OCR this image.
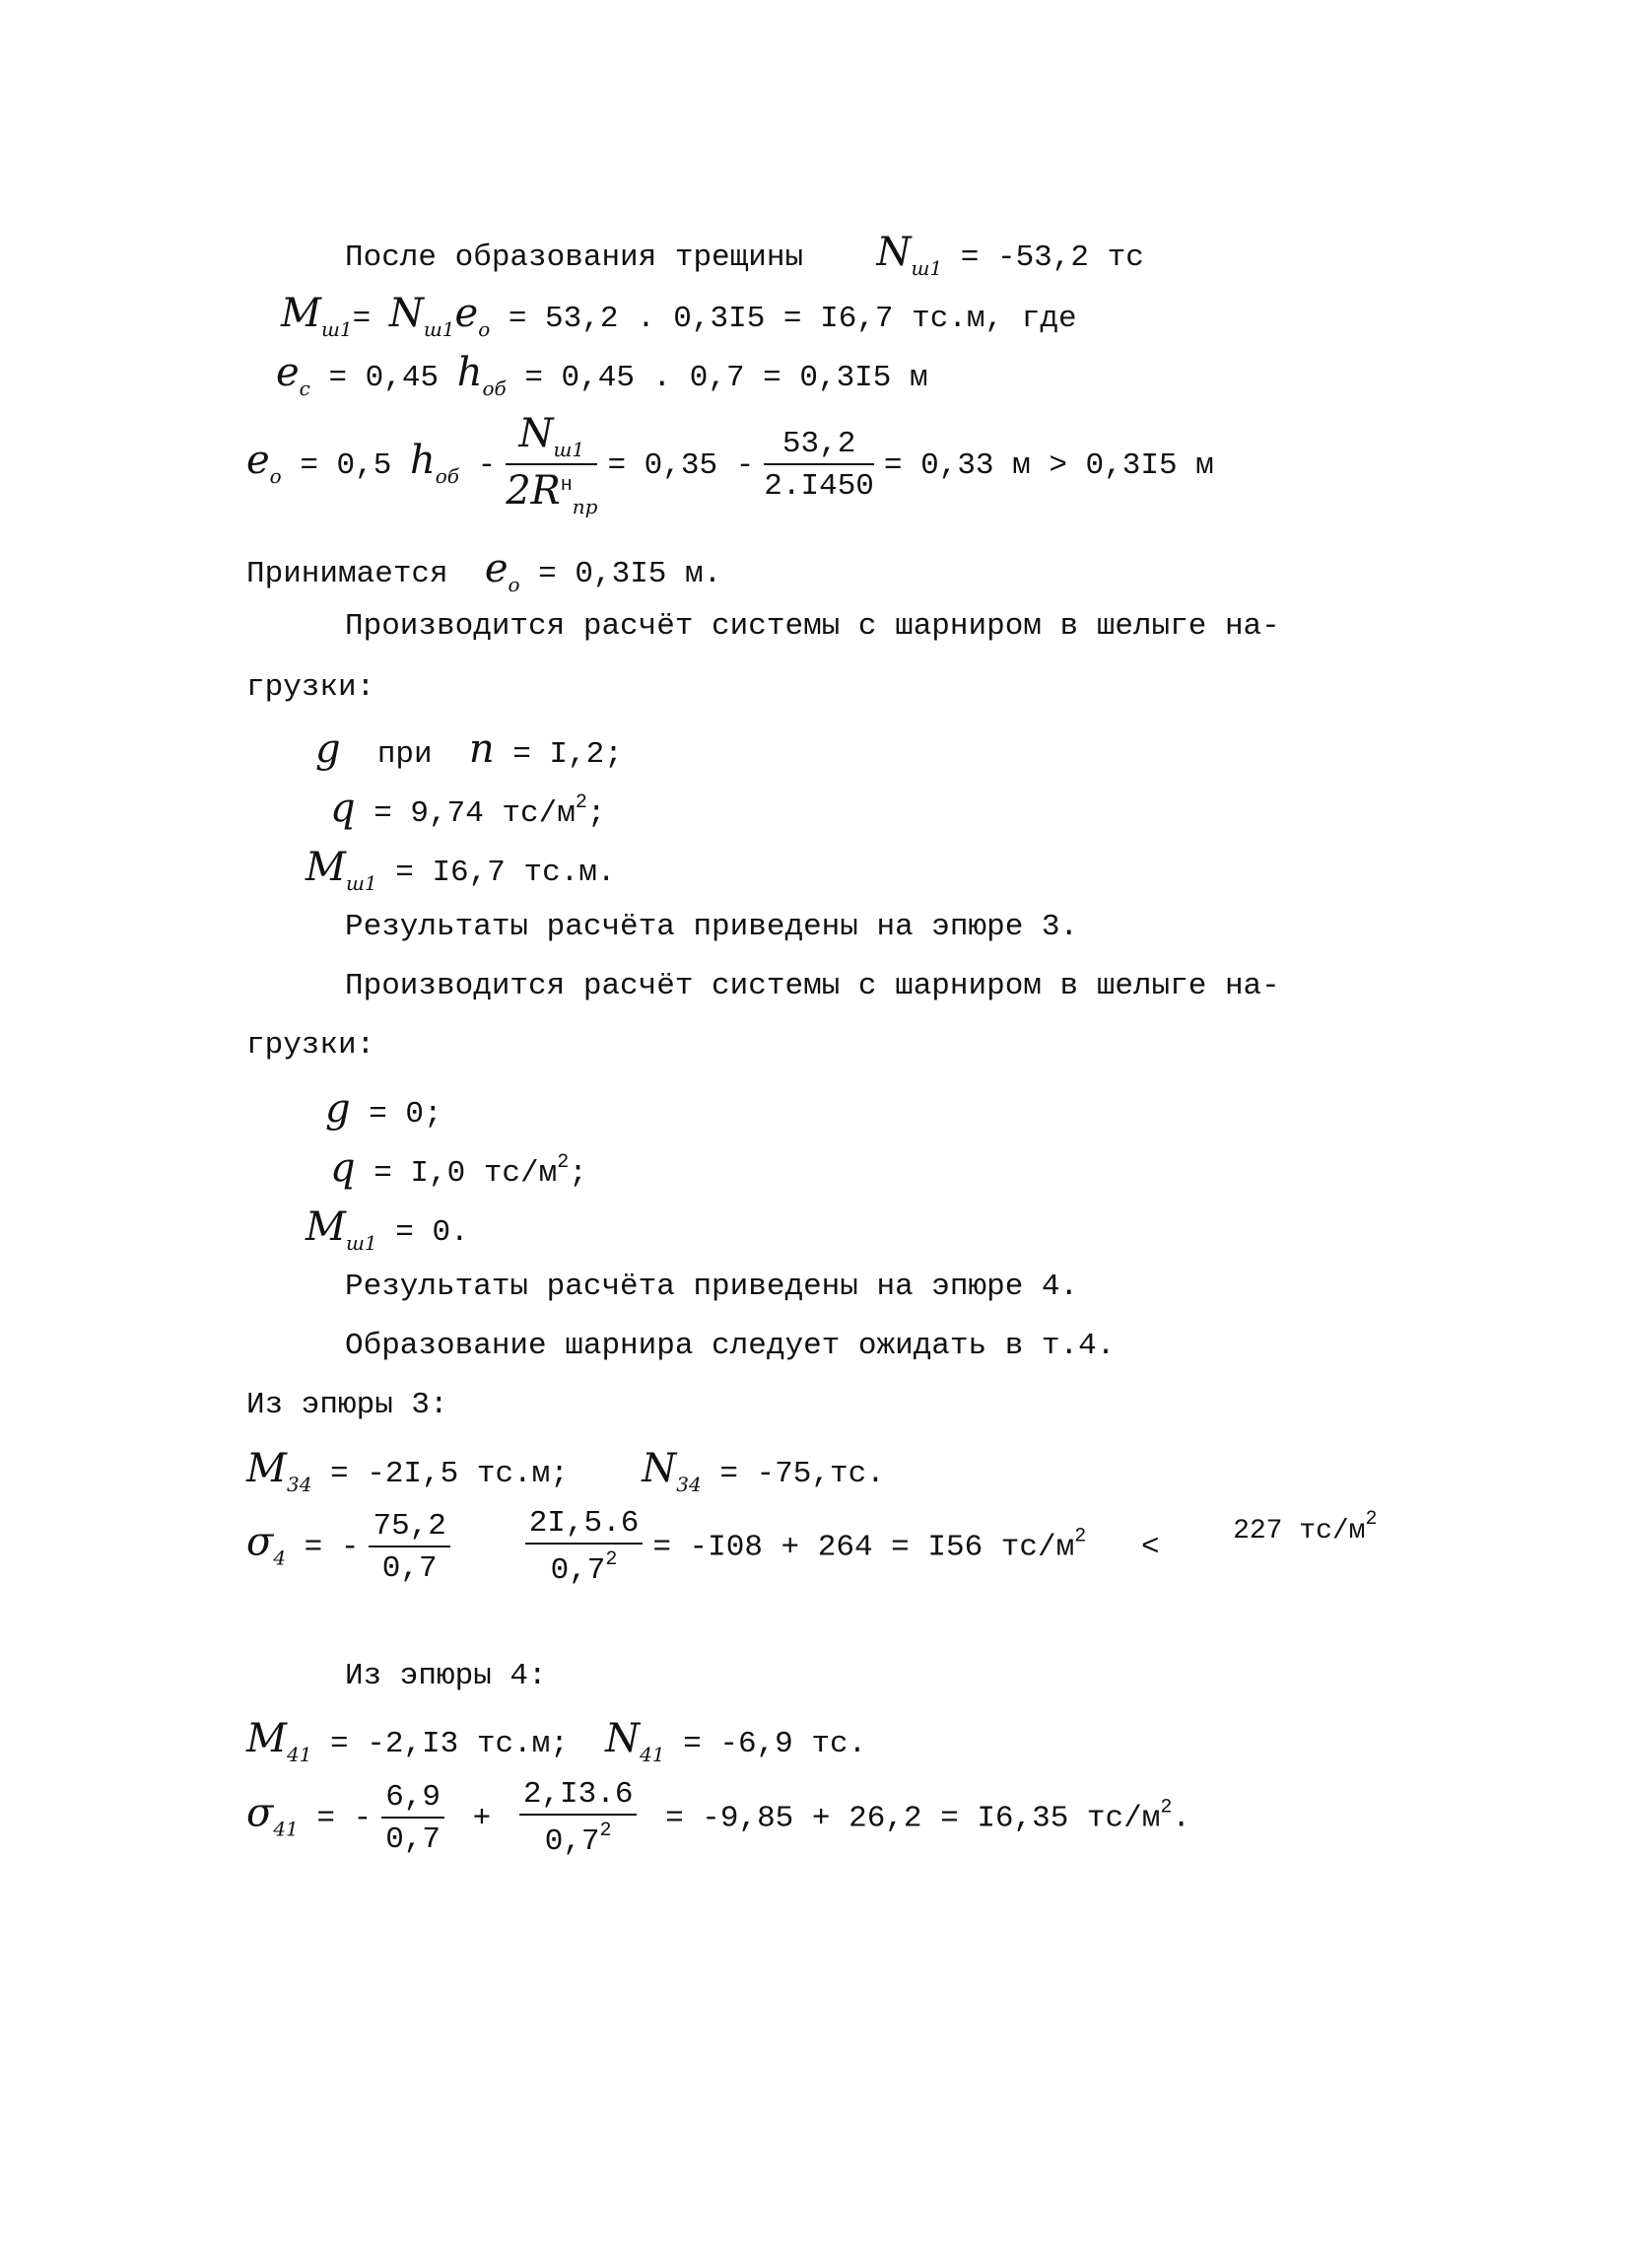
После образования трещины $N_{ш1} = -53,2$ тс
$M_{ш1}= N_{ш1}e_о = 53,2$ . 0,3I5 = I6,7 тс.м, где
$e_с = 0,45$ $h_{об} = 0,45$ . 0,7 = 0,3I5 м
$e_о = 0,5$ $h_{об} - \frac{N_{ш1}}{2R^н_{пр}} = 0,35 - \frac{53,2}{2.I450} = 0,33$ м > 0,3I5 м
Принимается $e_о = 0,3I5$ м.
Производится расчёт системы с шарниром в шелыге на-
грузки:
g  при  n = I,2;
q = 9,74 $тс/м^2$;
$M_{ш1} = I6,7$ тс.м.
Результаты расчёта приведены на эпюре 3.
Производится расчёт системы с шарниром в шелыге на-
грузки:
g = 0;
q = I,0 $тс/м^2$;
$M_{ш1} = 0$.
Результаты расчёта приведены на эпюре 4.
Образование шарнира следует ожидать в т.4.
Из эпюры 3:
$M_{34} = -2I,5$ тс.м; $N_{34} = -75,тс$.
$\sigma_4$ = - $\frac{75,2}{0,7}$
$\frac{2I,5.6}{0,7^2} = -I08 + 264 = I56$ $тс/м^2$ <	227 $тс/м^2$
Из эпюры 4:
$M_{41} = -2,I3$ тс.м; $N_{41} = -6,9$ тс.
$\sigma_{41}$ = - $\frac{6,9}{0,7} + \frac{2,I3.6}{0,7^2} = -9,85 + 26,2 = I6,35$ $тс/м^2$.
